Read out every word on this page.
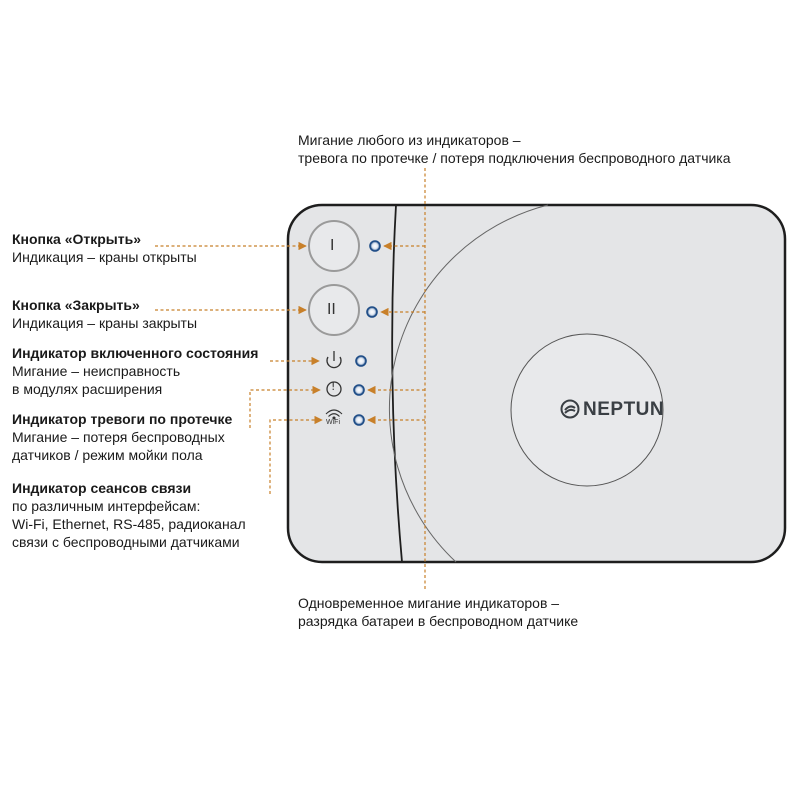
I
II
!
WiFi
NEPTUN
Мигание любого из индикаторов –
тревога по протечке / потеря подключения беспроводного датчика
Кнопка «Открыть»
Индикация – краны открыты
Кнопка «Закрыть»
Индикация – краны закрыты
Индикатор включенного состояния
Мигание – неисправность
в модулях расширения
Индикатор тревоги по протечке
Мигание – потеря беспроводных
датчиков / режим мойки пола
Индикатор сеансов связи
по различным интерфейсам:
Wi-Fi, Ethernet, RS-485, радиоканал
связи с беспроводными датчиками
Одновременное мигание индикаторов –
разрядка батареи в беспроводном датчике
